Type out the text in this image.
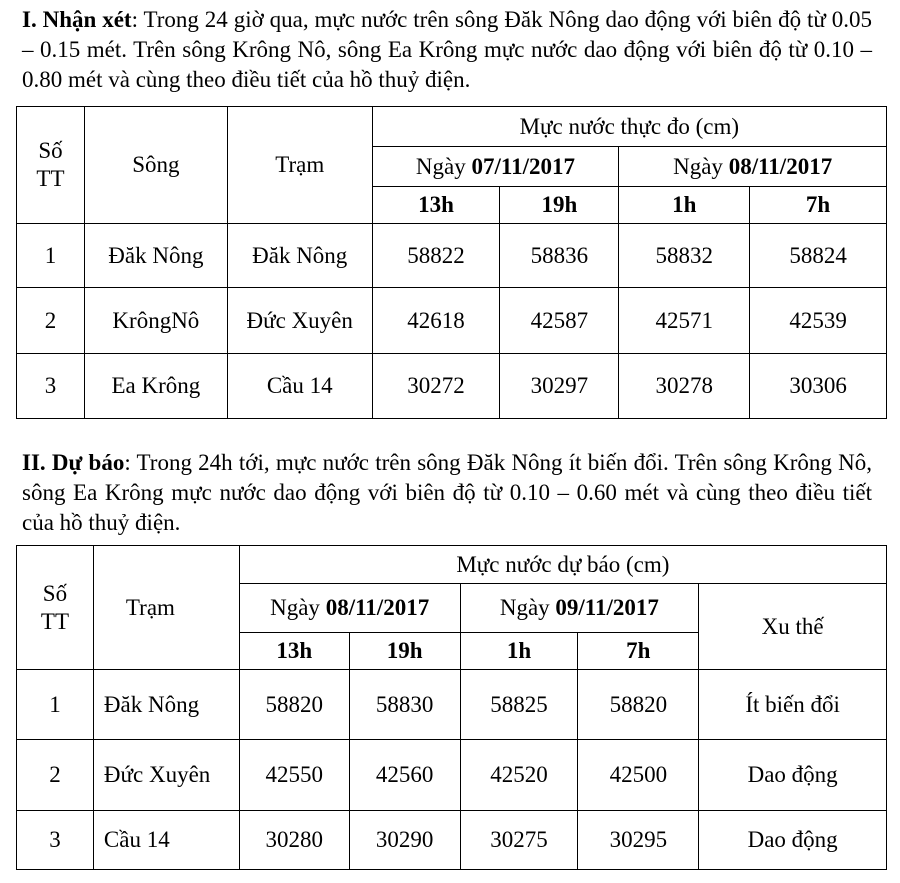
I. Nhận xét: Trong 24 giờ qua, mực nước trên sông Đăk Nông dao động với biên độ từ 0.05 – 0.15 mét. Trên sông Krông Nô, sông Ea Krông mực nước dao động với biên độ từ 0.10 – 0.80 mét và cùng theo điều tiết của hồ thuỷ điện.
Số TT	Sông	Trạm	Mực nước thực đo (cm)			
			Ngày 07/11/2017		Ngày 08/11/2017	
			13h	19h	1h	7h
1	Đăk Nông	Đăk Nông	58822	58836	58832	58824
2	KrôngNô	Đức Xuyên	42618	42587	42571	42539
3	Ea Krông	Cầu 14	30272	30297	30278	30306
II. Dự báo: Trong 24h tới, mực nước trên sông Đăk Nông ít biến đổi. Trên sông Krông Nô, sông Ea Krông mực nước dao động với biên độ từ 0.10 – 0.60 mét và cùng theo điều tiết của hồ thuỷ điện.
Số TT	Trạm	Mực nước dự báo (cm)				
		Ngày 08/11/2017		Ngày 09/11/2017		Xu thế
		13h	19h	1h	7h	
1	Đăk Nông	58820	58830	58825	58820	Ít biến đổi
2	Đức Xuyên	42550	42560	42520	42500	Dao động
3	Cầu 14	30280	30290	30275	30295	Dao động
